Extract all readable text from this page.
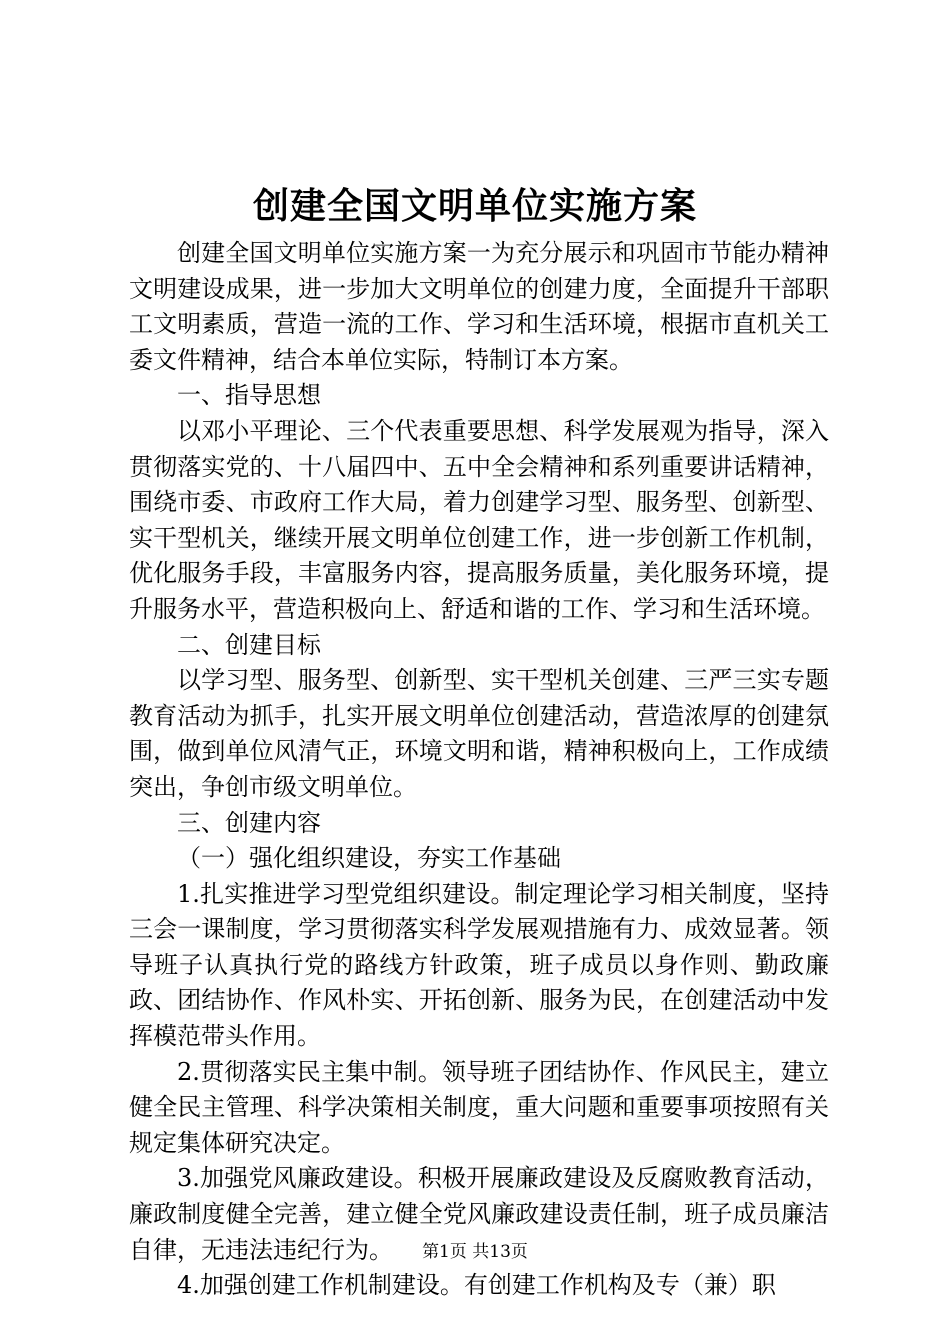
创建全国文明单位实施方案

创建全国文明单位实施方案一为充分展示和巩固市节能办精神文明建设成果，进一步加大文明单位的创建力度，全面提升干部职工文明素质，营造一流的工作、学习和生活环境，根据市直机关工委文件精神，结合本单位实际，特制订本方案。

一、指导思想

以邓小平理论、三个代表重要思想、科学发展观为指导，深入贯彻落实党的、十八届四中、五中全会精神和系列重要讲话精神，围绕市委、市政府工作大局，着力创建学习型、服务型、创新型、实干型机关，继续开展文明单位创建工作，进一步创新工作机制，优化服务手段，丰富服务内容，提高服务质量，美化服务环境，提升服务水平，营造积极向上、舒适和谐的工作、学习和生活环境。

二、创建目标

以学习型、服务型、创新型、实干型机关创建、三严三实专题教育活动为抓手，扎实开展文明单位创建活动，营造浓厚的创建氛围，做到单位风清气正，环境文明和谐，精神积极向上，工作成绩突出，争创市级文明单位。

三、创建内容

（一）强化组织建设，夯实工作基础

1.扎实推进学习型党组织建设。制定理论学习相关制度，坚持三会一课制度，学习贯彻落实科学发展观措施有力、成效显著。领导班子认真执行党的路线方针政策，班子成员以身作则、勤政廉政、团结协作、作风朴实、开拓创新、服务为民，在创建活动中发挥模范带头作用。

2.贯彻落实民主集中制。领导班子团结协作、作风民主，建立健全民主管理、科学决策相关制度，重大问题和重要事项按照有关规定集体研究决定。

3.加强党风廉政建设。积极开展廉政建设及反腐败教育活动，廉政制度健全完善，建立健全党风廉政建设责任制，班子成员廉洁自律，无违法违纪行为。

4.加强创建工作机制建设。有创建工作机构及专（兼）职

第1页 共13页
